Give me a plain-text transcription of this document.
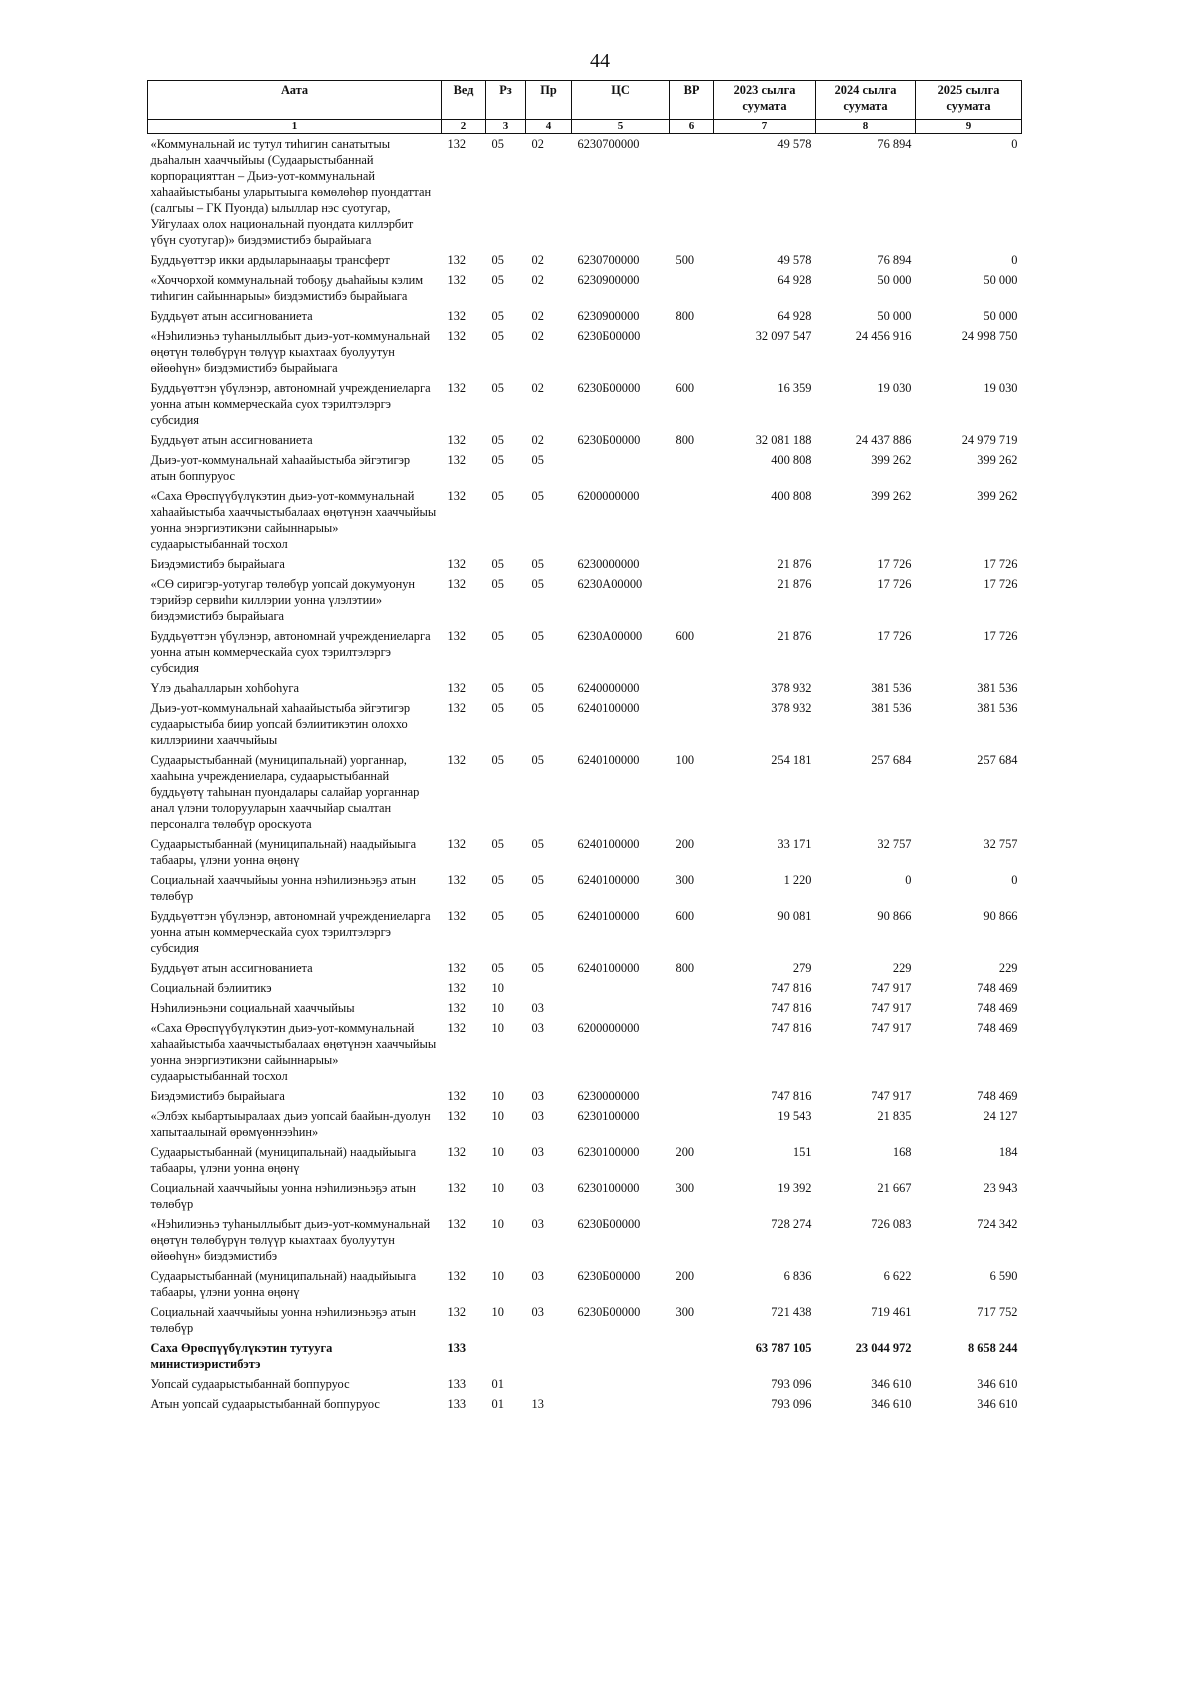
44
Аата	Вед	Рз	Пр	ЦС	ВР	2023 сылга суумата	2024 сылга суумата	2025 сылга суумата
1	2	3	4	5	6	7	8	9
«Коммунальнай ис тутул тиһигин санатытыы дьаһалын хааччыйыы (Судаарыстыбаннай корпорацияттан – Дьиэ-уот-коммунальнай хаһаайыстыбаны уларытыыга көмөлөһөр пуондаттан (салгыы – ГК Пуонда) ылыллар нэс суотугар, Уйгулаах олох национальнай пуондата киллэрбит үбүн суотугар)» биэдэмистибэ бырайыага	132	05	02	6230700000		49 578	76 894	0
Буддьүөттэр икки ардыларынааҕы трансферт	132	05	02	6230700000	500	49 578	76 894	0
«Хоччорхой коммунальнай тобоҕу дьаһайыы кэлим тиһигин сайыннарыы» биэдэмистибэ бырайыага	132	05	02	6230900000		64 928	50 000	50 000
Буддьүөт атын ассигнованиета	132	05	02	6230900000	800	64 928	50 000	50 000
«Нэһилиэньэ туһаныллыбыт дьиэ-уот-коммунальнай өңөтүн төлөбүрүн төлүүр кыахтаах буолуутун өйөөһүн» биэдэмистибэ бырайыага	132	05	02	6230Б00000		32 097 547	24 456 916	24 998 750
Буддьүөттэн үбүлэнэр, автономнай учреждениеларга уонна атын коммерческайа суох тэрилтэлэргэ субсидия	132	05	02	6230Б00000	600	16 359	19 030	19 030
Буддьүөт атын ассигнованиета	132	05	02	6230Б00000	800	32 081 188	24 437 886	24 979 719
Дьиэ-уот-коммунальнай хаһаайыстыба эйгэтигэр атын боппуруос	132	05	05			400 808	399 262	399 262
«Саха Өрөспүүбүлүкэтин дьиэ-уот-коммунальнай хаһаайыстыба хааччыстыбалаах өңөтүнэн хааччыйыы уонна энэргиэтикэни сайыннарыы» судаарыстыбаннай тосхол	132	05	05	6200000000		400 808	399 262	399 262
Биэдэмистибэ бырайыага	132	05	05	6230000000		21 876	17 726	17 726
«СӨ сиригэр-уотугар төлөбүр уопсай докумуонун тэрийэр сервиһи киллэрии уонна үлэлэтии» биэдэмистибэ бырайыага	132	05	05	6230А00000		21 876	17 726	17 726
Буддьүөттэн үбүлэнэр, автономнай учреждениеларга уонна атын коммерческайа суох тэрилтэлэргэ субсидия	132	05	05	6230А00000	600	21 876	17 726	17 726
Үлэ дьаһалларын хоһбоһуга	132	05	05	6240000000		378 932	381 536	381 536
Дьиэ-уот-коммунальнай хаһаайыстыба эйгэтигэр судаарыстыба биир уопсай бэлиитикэтин олоххо киллэриини хааччыйыы	132	05	05	6240100000		378 932	381 536	381 536
Судаарыстыбаннай (муниципальнай) уорганнар, хааһына учреждениелара, судаарыстыбаннай буддьүөтү таһынан пуондалары салайар уорганнар анал үлэни толорууларын хааччыйар сыалтан персоналга төлөбүр ороскуота	132	05	05	6240100000	100	254 181	257 684	257 684
Судаарыстыбаннай (муниципальнай) наадыйыыга табаары, үлэни уонна өңөнү	132	05	05	6240100000	200	33 171	32 757	32 757
Социальнай хааччыйыы уонна нэһилиэньэҕэ атын төлөбүр	132	05	05	6240100000	300	1 220	0	0
Буддьүөттэн үбүлэнэр, автономнай учреждениеларга уонна атын коммерческайа суох тэрилтэлэргэ субсидия	132	05	05	6240100000	600	90 081	90 866	90 866
Буддьүөт атын ассигнованиета	132	05	05	6240100000	800	279	229	229
Социальнай бэлиитикэ	132	10				747 816	747 917	748 469
Нэһилиэньэни социальнай хааччыйыы	132	10	03			747 816	747 917	748 469
«Саха Өрөспүүбүлүкэтин дьиэ-уот-коммунальнай хаһаайыстыба хааччыстыбалаах өңөтүнэн хааччыйыы уонна энэргиэтикэни сайыннарыы» судаарыстыбаннай тосхол	132	10	03	6200000000		747 816	747 917	748 469
Биэдэмистибэ бырайыага	132	10	03	6230000000		747 816	747 917	748 469
«Элбэх кыбартыыралаах дьиэ уопсай баайын-дуолун хапытаалынай өрөмүөннээһин»	132	10	03	6230100000		19 543	21 835	24 127
Судаарыстыбаннай (муниципальнай) наадыйыыга табаары, үлэни уонна өңөнү	132	10	03	6230100000	200	151	168	184
Социальнай хааччыйыы уонна нэһилиэньэҕэ атын төлөбүр	132	10	03	6230100000	300	19 392	21 667	23 943
«Нэһилиэньэ туһаныллыбыт дьиэ-уот-коммунальнай өңөтүн төлөбүрүн төлүүр кыахтаах буолуутун өйөөһүн» биэдэмистибэ	132	10	03	6230Б00000		728 274	726 083	724 342
Судаарыстыбаннай (муниципальнай) наадыйыыга табаары, үлэни уонна өңөнү	132	10	03	6230Б00000	200	6 836	6 622	6 590
Социальнай хааччыйыы уонна нэһилиэньэҕэ атын төлөбүр	132	10	03	6230Б00000	300	721 438	719 461	717 752
Саха Өрөспүүбүлүкэтин тутууга министиэристибэтэ	133					63 787 105	23 044 972	8 658 244
Уопсай судаарыстыбаннай боппуруос	133	01				793 096	346 610	346 610
Атын уопсай судаарыстыбаннай боппуруос	133	01	13			793 096	346 610	346 610
